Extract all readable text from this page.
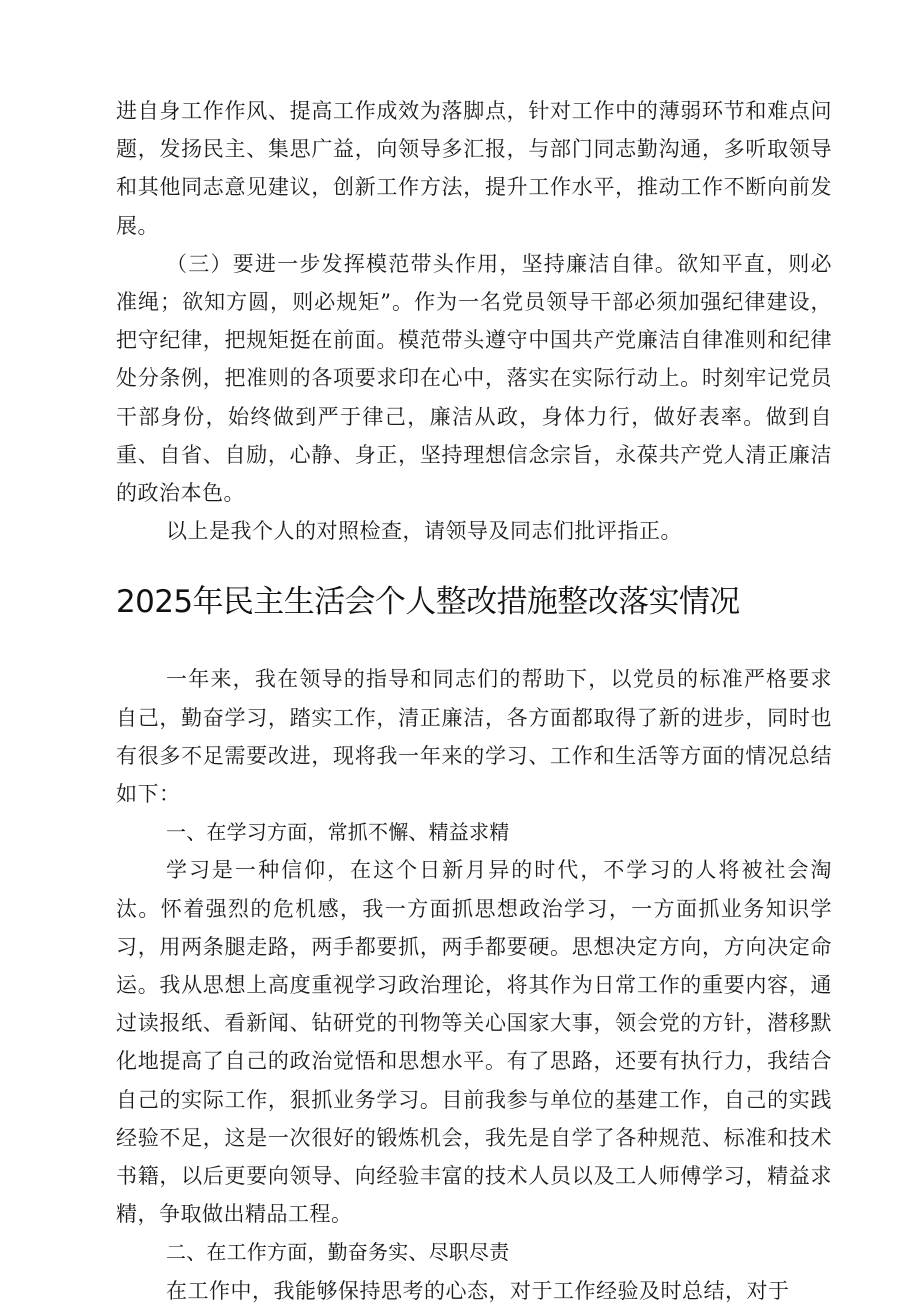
进自身工作作风、提高工作成效为落脚点，针对工作中的薄弱环节和难点问题，发扬民主、集思广益，向领导多汇报，与部门同志勤沟通，多听取领导和其他同志意见建议，创新工作方法，提升工作水平，推动工作不断向前发展。

（三）要进一步发挥模范带头作用，坚持廉洁自律。欲知平直，则必准绳；欲知方圆，则必规矩”。作为一名党员领导干部必须加强纪律建设，把守纪律，把规矩挺在前面。模范带头遵守中国共产党廉洁自律准则和纪律处分条例，把准则的各项要求印在心中，落实在实际行动上。时刻牢记党员干部身份，始终做到严于律己，廉洁从政，身体力行，做好表率。做到自重、自省、自励，心静、身正，坚持理想信念宗旨，永葆共产党人清正廉洁的政治本色。

以上是我个人的对照检查，请领导及同志们批评指正。

2025年民主生活会个人整改措施整改落实情况

一年来，我在领导的指导和同志们的帮助下，以党员的标准严格要求自己，勤奋学习，踏实工作，清正廉洁，各方面都取得了新的进步，同时也有很多不足需要改进，现将我一年来的学习、工作和生活等方面的情况总结如下：

一、在学习方面，常抓不懈、精益求精

学习是一种信仰，在这个日新月异的时代，不学习的人将被社会淘汰。怀着强烈的危机感，我一方面抓思想政治学习，一方面抓业务知识学习，用两条腿走路，两手都要抓，两手都要硬。思想决定方向，方向决定命运。我从思想上高度重视学习政治理论，将其作为日常工作的重要内容，通过读报纸、看新闻、钻研党的刊物等关心国家大事，领会党的方针，潜移默化地提高了自己的政治觉悟和思想水平。有了思路，还要有执行力，我结合自己的实际工作，狠抓业务学习。目前我参与单位的基建工作，自己的实践经验不足，这是一次很好的锻炼机会，我先是自学了各种规范、标准和技术书籍，以后更要向领导、向经验丰富的技术人员以及工人师傅学习，精益求精，争取做出精品工程。

二、在工作方面，勤奋务实、尽职尽责

在工作中，我能够保持思考的心态，对于工作经验及时总结，对于
